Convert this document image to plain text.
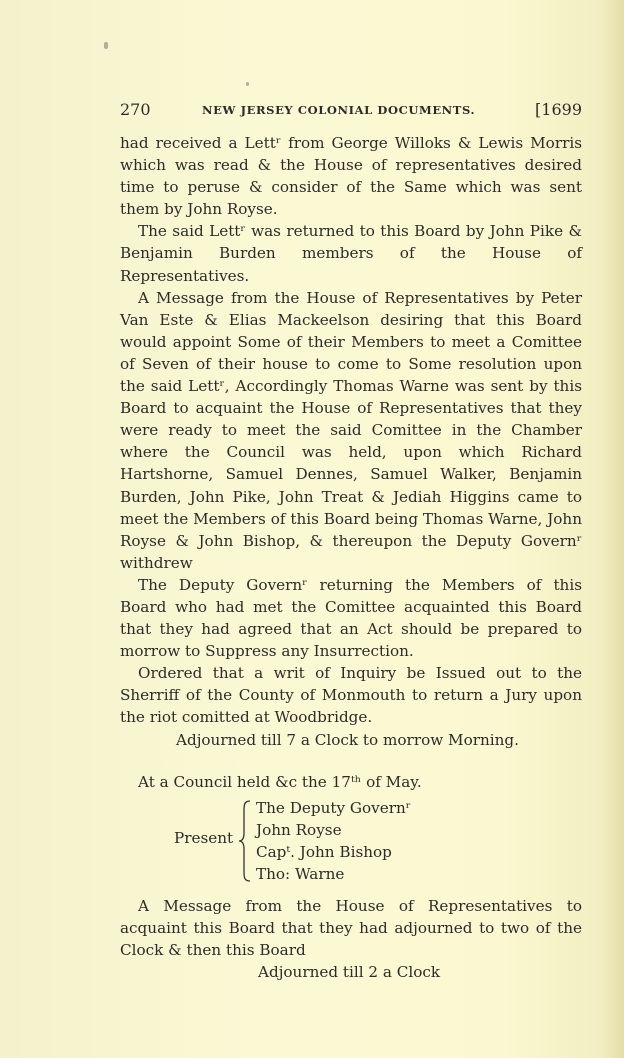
270	NEW JERSEY COLONIAL DOCUMENTS.	[1699

had received a Lettʳ from George Willoks & Lewis Morris which was read & the House of representatives desired time to peruse & consider of the Same which was sent them by John Royse.

The said Lettʳ was returned to this Board by John Pike & Benjamin Burden members of the House of Representatives.

A Message from the House of Representatives by Peter Van Este & Elias Mackeelson desiring that this Board would appoint Some of their Members to meet a Comittee of Seven of their house to come to Some resolution upon the said Lettʳ, Accordingly Thomas Warne was sent by this Board to acquaint the House of Representatives that they were ready to meet the said Comittee in the Chamber where the Council was held, upon which Richard Hartshorne, Samuel Dennes, Samuel Walker, Benjamin Burden, John Pike, John Treat & Jediah Higgins came to meet the Members of this Board being Thomas Warne, John Royse & John Bishop, & thereupon the Deputy Governʳ withdrew

The Deputy Governʳ returning the Members of this Board who had met the Comittee acquainted this Board that they had agreed that an Act should be prepared to morrow to Suppress any Insurrection.

Ordered that a writ of Inquiry be Issued out to the Sherriff of the County of Monmouth to return a Jury upon the riot comitted at Woodbridge.

Adjourned till 7 a Clock to morrow Morning.

At a Council held &c the 17ᵗʰ of May.

Present
The Deputy Governʳ
John Royse
Capᵗ. John Bishop
Tho: Warne

A Message from the House of Representatives to acquaint this Board that they had adjourned to two of the Clock & then this Board

Adjourned till 2 a Clock
